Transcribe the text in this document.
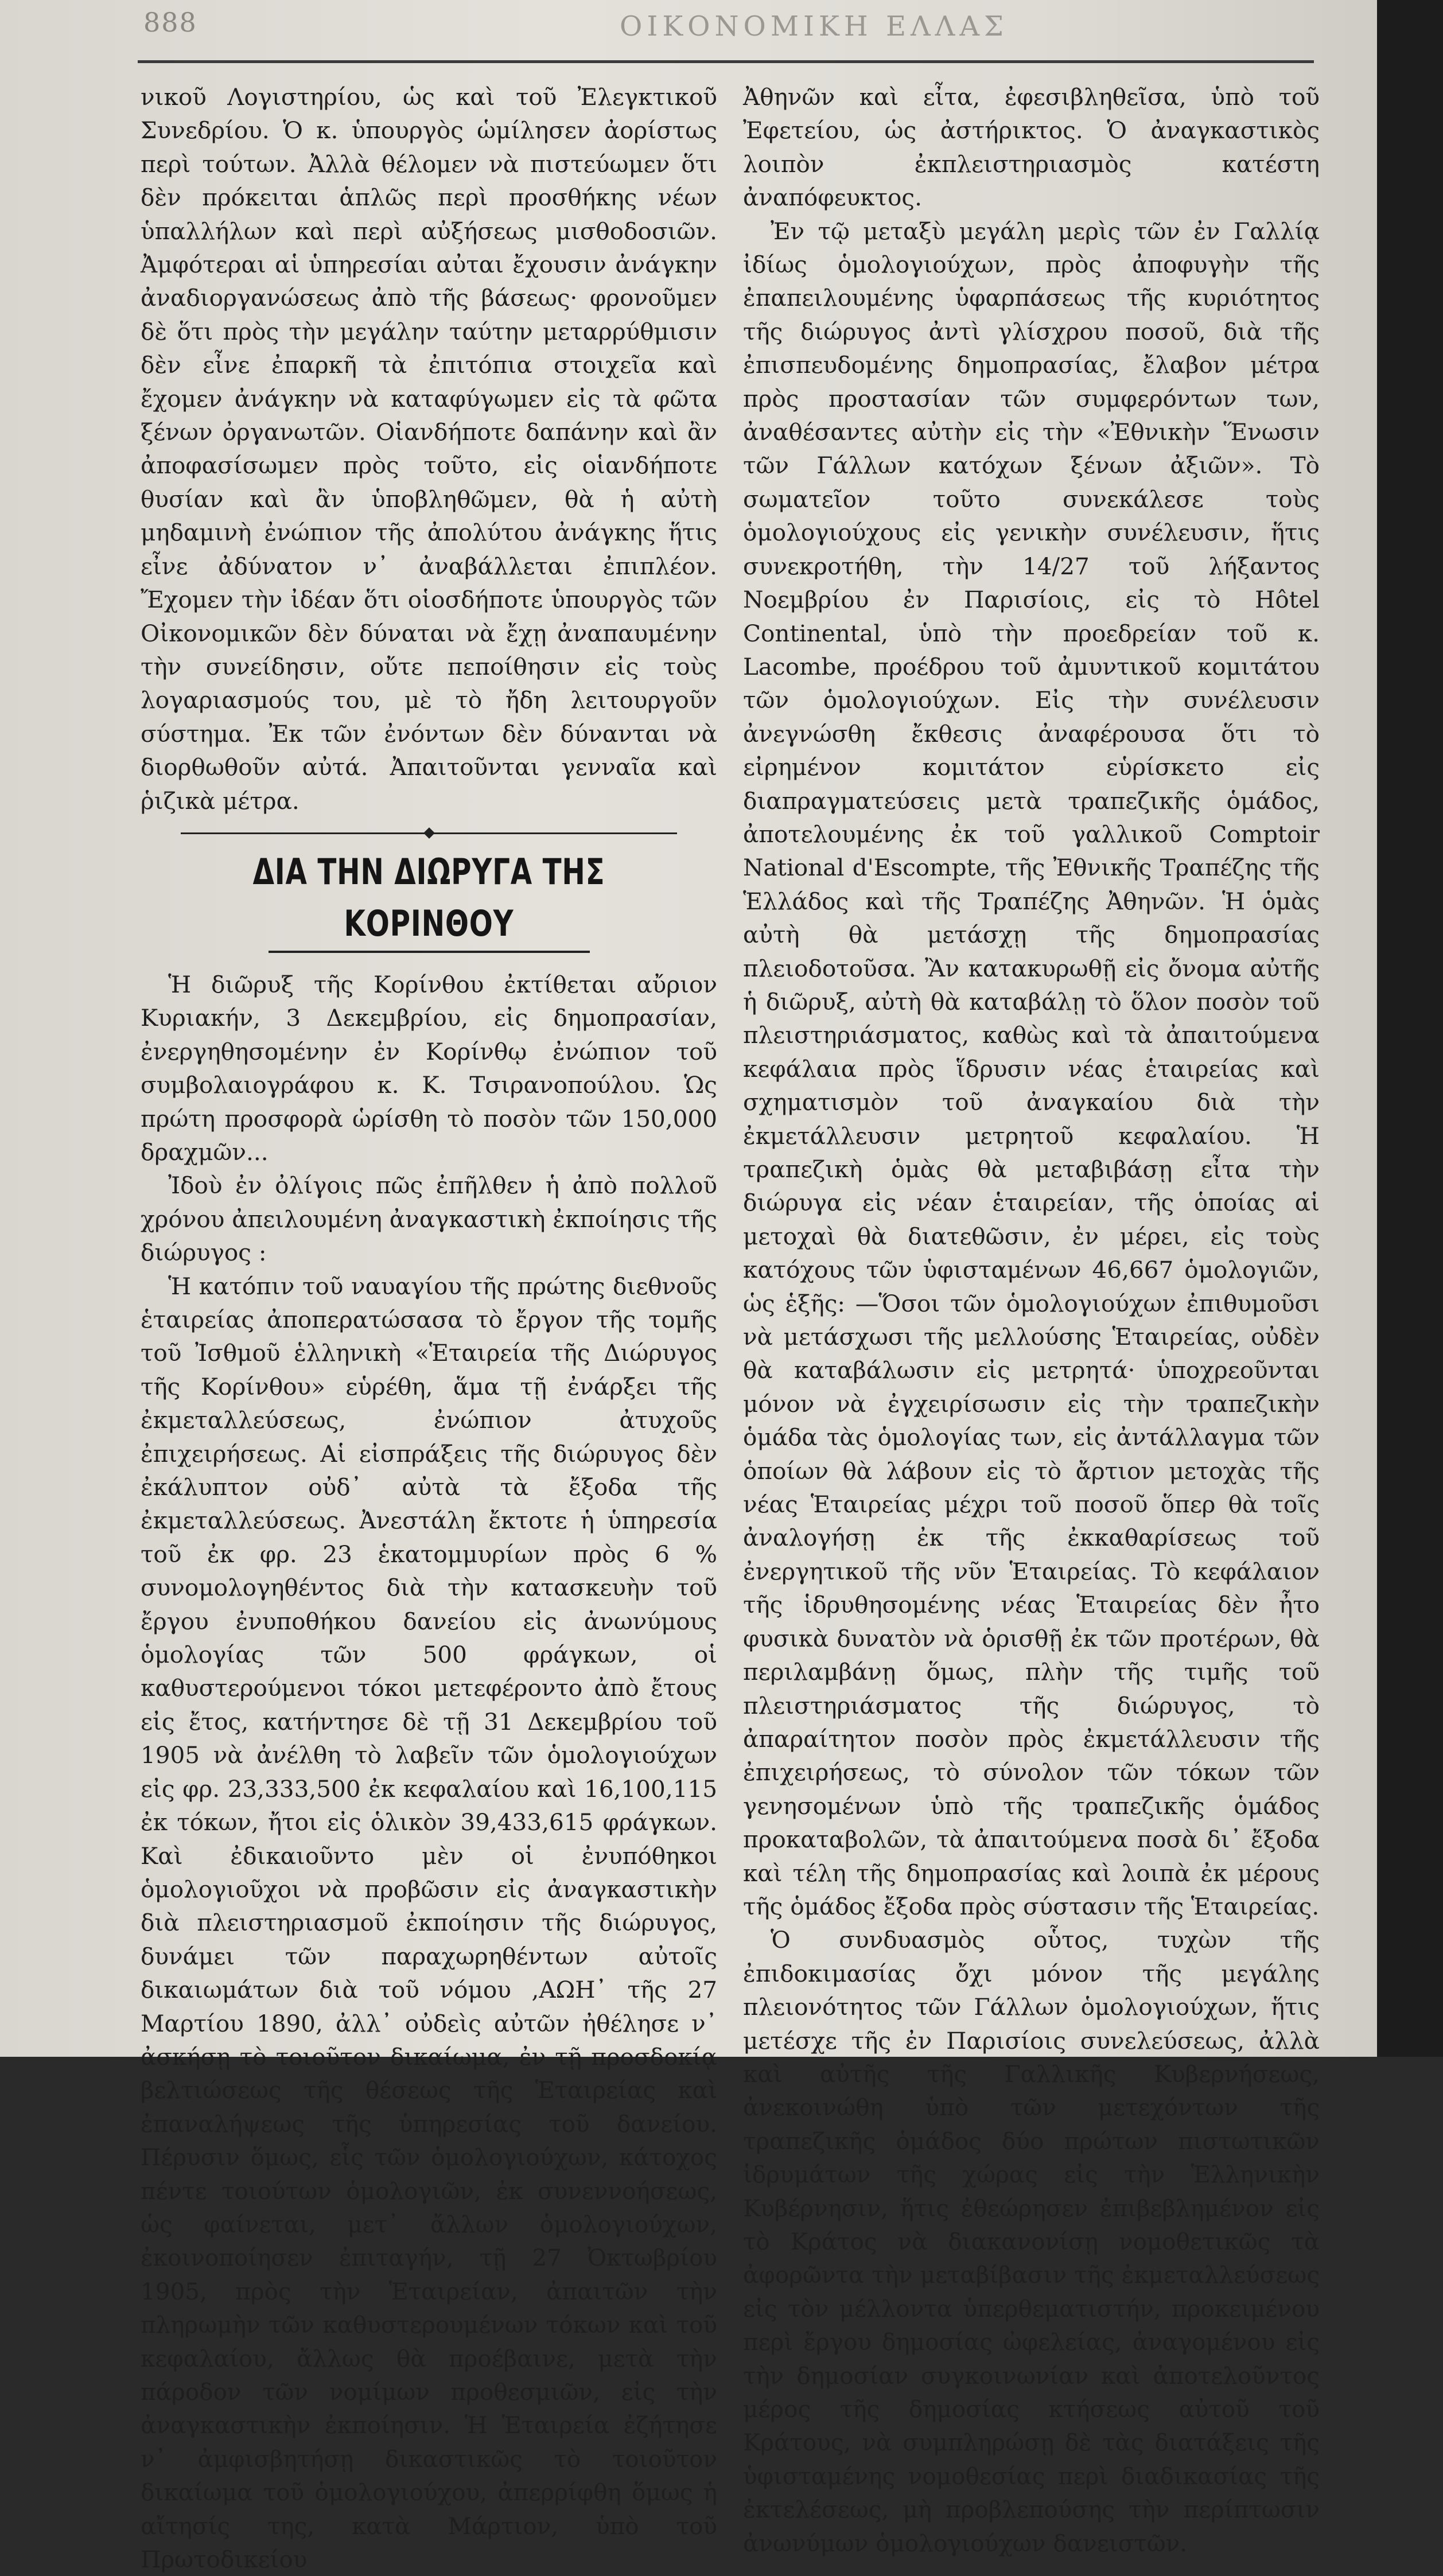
888	ΟΙΚΟΝΟΜΙΚΗ ΕΛΛΑΣ

νικοῦ Λογιστηρίου, ὡς καὶ τοῦ Ἐλεγκτικοῦ Συνεδρίου. Ὁ κ. ὑπουργὸς ὡμίλησεν ἀορίστως περὶ τούτων. Ἀλλὰ θέλομεν νὰ πιστεύωμεν ὅτι δὲν πρόκειται ἁπλῶς περὶ προσθήκης νέων ὑπαλλήλων καὶ περὶ αὐξήσεως μισθοδοσιῶν. Ἀμφότεραι αἱ ὑπηρεσίαι αὐται ἔχουσιν ἀνάγκην ἀναδιοργανώσεως ἀπὸ τῆς βάσεως· φρονοῦμεν δὲ ὅτι πρὸς τὴν μεγάλην ταύτην μεταρρύθμισιν δὲν εἶνε ἐπαρκῆ τὰ ἐπιτόπια στοιχεῖα καὶ ἔχομεν ἀνάγκην νὰ καταφύγωμεν εἰς τὰ φῶτα ξένων ὀργανωτῶν. Οἱανδήποτε δαπάνην καὶ ἂν ἀποφασίσωμεν πρὸς τοῦτο, εἰς οἱανδήποτε θυσίαν καὶ ἂν ὑποβληθῶμεν, θὰ ἡ αὐτὴ μηδαμινὴ ἐνώπιον τῆς ἀπολύτου ἀνάγκης ἥτις εἶνε ἀδύνατον ν᾽ ἀναβάλλεται ἐπιπλέον. Ἔχομεν τὴν ἰδέαν ὅτι οἱοσδήποτε ὑπουργὸς τῶν Οἰκονομικῶν δὲν δύναται νὰ ἔχῃ ἀναπαυμένην τὴν συνείδησιν, οὔτε πεποίθησιν εἰς τοὺς λογαριασμούς του, μὲ τὸ ἤδη λειτουργοῦν σύστημα. Ἐκ τῶν ἐνόντων δὲν δύνανται νὰ διορθωθοῦν αὐτά. Ἀπαιτοῦνται γενναῖα καὶ ῥιζικὰ μέτρα.

ΔΙΑ ΤΗΝ ΔΙΩΡΥΓΑ ΤΗΣ ΚΟΡΙΝΘΟΥ

Ἡ διῶρυξ τῆς Κορίνθου ἐκτίθεται αὔριον Κυριακήν, 3 Δεκεμβρίου, εἰς δημοπρασίαν, ἐνεργηθησομένην ἐν Κορίνθῳ ἐνώπιον τοῦ συμβολαιογράφου κ. Κ. Τσιρανοπούλου. Ὡς πρώτη προσφορὰ ὡρίσθη τὸ ποσὸν τῶν 150,000 δραχμῶν...

Ἰδοὺ ἐν ὀλίγοις πῶς ἐπῆλθεν ἡ ἀπὸ πολλοῦ χρόνου ἀπειλουμένη ἀναγκαστικὴ ἐκποίησις τῆς διώρυγος :

Ἡ κατόπιν τοῦ ναυαγίου τῆς πρώτης διεθνοῦς ἑταιρείας ἀποπερατώσασα τὸ ἔργον τῆς τομῆς τοῦ Ἰσθμοῦ ἑλληνικὴ «Ἑταιρεία τῆς Διώρυγος τῆς Κορίνθου» εὑρέθη, ἅμα τῇ ἐνάρξει τῆς ἐκμεταλλεύσεως, ἐνώπιον ἀτυχοῦς ἐπιχειρήσεως. Αἱ εἰσπράξεις τῆς διώρυγος δὲν ἐκάλυπτον οὐδ᾽ αὐτὰ τὰ ἔξοδα τῆς ἐκμεταλλεύσεως. Ἀνεστάλη ἔκτοτε ἡ ὑπηρεσία τοῦ ἐκ φρ. 23 ἑκατομμυρίων πρὸς 6 % συνομολογηθέντος διὰ τὴν κατασκευὴν τοῦ ἔργου ἐνυποθήκου δανείου εἰς ἀνωνύμους ὁμολογίας τῶν 500 φράγκων, οἱ καθυστερούμενοι τόκοι μετεφέροντο ἀπὸ ἔτους εἰς ἔτος, κατήντησε δὲ τῇ 31 Δεκεμβρίου τοῦ 1905 νὰ ἀνέλθη τὸ λαβεῖν τῶν ὁμολογιούχων εἰς φρ. 23,333,500 ἐκ κεφαλαίου καὶ 16,100,115 ἐκ τόκων, ἤτοι εἰς ὁλικὸν 39,433,615 φράγκων. Καὶ ἐδικαιοῦντο μὲν οἱ ἐνυπόθηκοι ὁμολογιοῦχοι νὰ προβῶσιν εἰς ἀναγκαστικὴν διὰ πλειστηριασμοῦ ἐκποίησιν τῆς διώρυγος, δυνάμει τῶν παραχωρηθέντων αὐτοῖς δικαιωμάτων διὰ τοῦ νόμου ,ΑΩΗ᾽ τῆς 27 Μαρτίου 1890, ἀλλ᾽ οὐδεὶς αὐτῶν ἠθέλησε ν᾽ ἀσκήσῃ τὸ τοιοῦτον δικαίωμα, ἐν τῇ προσδοκίᾳ βελτιώσεως τῆς θέσεως τῆς Ἑταιρείας καὶ ἐπαναλήψεως τῆς ὑπηρεσίας τοῦ δανείου. Πέρυσιν ὅμως, εἷς τῶν ὁμολογιούχων, κάτοχος πέντε τοιούτων ὁμολογιῶν, ἐκ συνεννοήσεως, ὡς φαίνεται, μετ᾽ ἄλλων ὁμολογιούχων, ἐκοινοποίησεν ἐπιταγήν, τῇ 27 Ὀκτωβρίου 1905, πρὸς τὴν Ἑταιρείαν, ἀπαιτῶν τὴν πληρωμὴν τῶν καθυστερουμένων τόκων καὶ τοῦ κεφαλαίου, ἄλλως θὰ προέβαινε, μετὰ τὴν πάροδον τῶν νομίμων προθεσμιῶν, εἰς τὴν ἀναγκαστικὴν ἐκποίησιν. Ἡ Ἑταιρεία ἐζήτησε ν᾽ ἀμφισβητήσῃ δικαστικῶς τὸ τοιοῦτον δικαίωμα τοῦ ὁμολογιούχου, ἀπερρίφθη ὅμως ἡ αἴτησίς της, κατὰ Μάρτιον, ὑπὸ τοῦ Πρωτοδικείου

Ἀθηνῶν καὶ εἶτα, ἐφεσιβληθεῖσα, ὑπὸ τοῦ Ἐφετείου, ὡς ἀστήρικτος. Ὁ ἀναγκαστικὸς λοιπὸν ἐκπλειστηριασμὸς κατέστη ἀναπόφευκτος.

Ἐν τῷ μεταξὺ μεγάλη μερὶς τῶν ἐν Γαλλίᾳ ἰδίως ὁμολογιούχων, πρὸς ἀποφυγὴν τῆς ἐπαπειλουμένης ὑφαρπάσεως τῆς κυριότητος τῆς διώρυγος ἀντὶ γλίσχρου ποσοῦ, διὰ τῆς ἐπισπευδομένης δημοπρασίας, ἔλαβον μέτρα πρὸς προστασίαν τῶν συμφερόντων των, ἀναθέσαντες αὐτὴν εἰς τὴν «Ἐθνικὴν Ἕνωσιν τῶν Γάλλων κατόχων ξένων ἀξιῶν». Τὸ σωματεῖον τοῦτο συνεκάλεσε τοὺς ὁμολογιούχους εἰς γενικὴν συνέλευσιν, ἥτις συνεκροτήθη, τὴν 14/27 τοῦ λήξαντος Νοεμβρίου ἐν Παρισίοις, εἰς τὸ Hôtel Continental, ὑπὸ τὴν προεδρείαν τοῦ κ. Lacombe, προέδρου τοῦ ἀμυντικοῦ κομιτάτου τῶν ὁμολογιούχων. Εἰς τὴν συνέλευσιν ἀνεγνώσθη ἔκθεσις ἀναφέρουσα ὅτι τὸ εἰρημένον κομιτάτον εὑρίσκετο εἰς διαπραγματεύσεις μετὰ τραπεζικῆς ὁμάδος, ἀποτελουμένης ἐκ τοῦ γαλλικοῦ Comptoir National d'Escompte, τῆς Ἐθνικῆς Τραπέζης τῆς Ἑλλάδος καὶ τῆς Τραπέζης Ἀθηνῶν. Ἡ ὁμὰς αὐτὴ θὰ μετάσχῃ τῆς δημοπρασίας πλειοδοτοῦσα. Ἂν κατακυρωθῇ εἰς ὄνομα αὐτῆς ἡ διῶρυξ, αὐτὴ θὰ καταβάλῃ τὸ ὅλον ποσὸν τοῦ πλειστηριάσματος, καθὼς καὶ τὰ ἀπαιτούμενα κεφάλαια πρὸς ἵδρυσιν νέας ἑταιρείας καὶ σχηματισμὸν τοῦ ἀναγκαίου διὰ τὴν ἐκμετάλλευσιν μετρητοῦ κεφαλαίου. Ἡ τραπεζικὴ ὁμὰς θὰ μεταβιβάσῃ εἶτα τὴν διώρυγα εἰς νέαν ἑταιρείαν, τῆς ὁποίας αἱ μετοχαὶ θὰ διατεθῶσιν, ἐν μέρει, εἰς τοὺς κατόχους τῶν ὑφισταμένων 46,667 ὁμολογιῶν, ὡς ἑξῆς: —Ὅσοι τῶν ὁμολογιούχων ἐπιθυμοῦσι νὰ μετάσχωσι τῆς μελλούσης Ἑταιρείας, οὐδὲν θὰ καταβάλωσιν εἰς μετρητά· ὑποχρεοῦνται μόνον νὰ ἐγχειρίσωσιν εἰς τὴν τραπεζικὴν ὁμάδα τὰς ὁμολογίας των, εἰς ἀντάλλαγμα τῶν ὁποίων θὰ λάβουν εἰς τὸ ἄρτιον μετοχὰς τῆς νέας Ἑταιρείας μέχρι τοῦ ποσοῦ ὅπερ θὰ τοῖς ἀναλογήσῃ ἐκ τῆς ἐκκαθαρίσεως τοῦ ἐνεργητικοῦ τῆς νῦν Ἑταιρείας. Τὸ κεφάλαιον τῆς ἱδρυθησομένης νέας Ἑταιρείας δὲν ἦτο φυσικὰ δυνατὸν νὰ ὁρισθῇ ἐκ τῶν προτέρων, θὰ περιλαμβάνῃ ὅμως, πλὴν τῆς τιμῆς τοῦ πλειστηριάσματος τῆς διώρυγος, τὸ ἀπαραίτητον ποσὸν πρὸς ἐκμετάλλευσιν τῆς ἐπιχειρήσεως, τὸ σύνολον τῶν τόκων τῶν γενησομένων ὑπὸ τῆς τραπεζικῆς ὁμάδος προκαταβολῶν, τὰ ἀπαιτούμενα ποσὰ δι᾽ ἔξοδα καὶ τέλη τῆς δημοπρασίας καὶ λοιπὰ ἐκ μέρους τῆς ὁμάδος ἔξοδα πρὸς σύστασιν τῆς Ἑταιρείας.

Ὁ συνδυασμὸς οὗτος, τυχὼν τῆς ἐπιδοκιμασίας ὄχι μόνον τῆς μεγάλης πλειονότητος τῶν Γάλλων ὁμολογιούχων, ἥτις μετέσχε τῆς ἐν Παρισίοις συνελεύσεως, ἀλλὰ καὶ αὐτῆς τῆς Γαλλικῆς Κυβερνήσεως, ἀνεκοινώθη ὑπὸ τῶν μετεχόντων τῆς τραπεζικῆς ὁμάδος δύο πρώτων πιστωτικῶν ἱδρυμάτων τῆς χώρας εἰς τὴν Ἑλληνικὴν Κυβέρνησιν, ἥτις ἐθεώρησεν ἐπιβεβλημένον εἰς τὸ Κράτος νὰ διακανονίσῃ νομοθετικῶς τὰ ἀφορῶντα τὴν μεταβίβασιν τῆς ἐκμεταλλεύσεως εἰς τὸν μέλλοντα ὑπερθεματιστήν, προκειμένου περὶ ἔργου δημοσίας ὠφελείας, ἀναγομένου εἰς τὴν δημοσίαν συγκοινωνίαν καὶ ἀποτελοῦντος μέρος τῆς δημοσίας κτήσεως αὐτοῦ τοῦ Κράτους, νὰ συμπληρώσῃ δὲ τὰς διατάξεις τῆς ὑφισταμένης νομοθεσίας περὶ διαδικασίας τῆς ἐκτελέσεως, μὴ προβλεπούσης τὴν περίπτωσιν ἀνωνύμων ὁμολογιούχων δανειστῶν.
